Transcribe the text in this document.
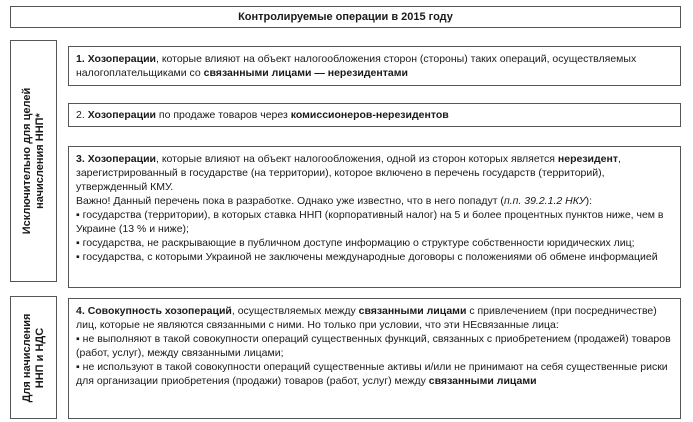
Контролируемые операции в 2015 году
Исключительно для целей
начисления ННП*
Для начисления
ННП и НДС

1. Хозоперации, которые влияют на объект налогообложения сторон (стороны) таких операций, осуществляемых налогоплательщиками со связанными лицами — нерезидентами

2. Хозоперации по продаже товаров через комиссионеров-нерезидентов

3. Хозоперации, которые влияют на объект налогообложения, одной из сторон которых является нерезидент, зарегистрированный в государстве (на территории), которое включено в перечень государств (территорий), утвержденный КМУ.

Важно! Данный перечень пока в разработке. Однако уже известно, что в него попадут (п.п. 39.2.1.2 НКУ):

▪ государства (территории), в которых ставка ННП (корпоративный налог) на 5 и более процентных пунктов ниже, чем в Украине (13 % и ниже);

▪ государства, не раскрывающие в публичном доступе информацию о структуре собственности юридических лиц;

▪ государства, с которыми Украиной не заключены международные договоры с положениями об обмене информацией

4. Совокупность хозопераций, осуществляемых между связанными лицами с привлечением (при посредничестве) лиц, которые не являются связанными с ними. Но только при условии, что эти НЕсвязанные лица:

▪ не выполняют в такой совокупности операций существенных функций, связанных с приобретением (продажей) товаров (работ, услуг), между связанными лицами;

▪ не используют в такой совокупности операций существенные активы и/или не принимают на себя существенные риски для организации приобретения (продажи) товаров (работ, услуг) между связанными лицами
